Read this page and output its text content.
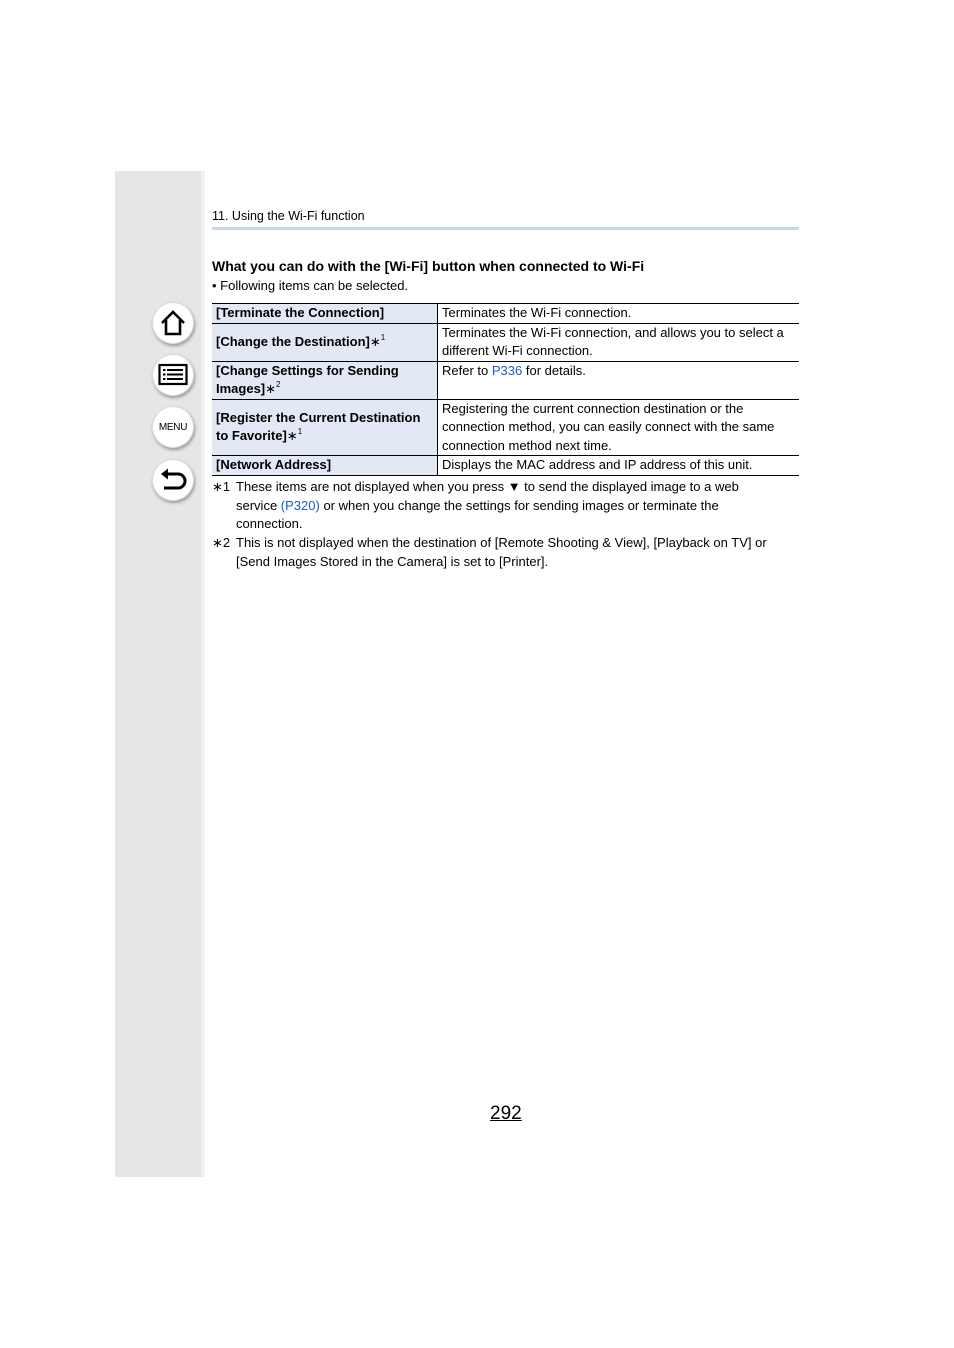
MENU
11. Using the Wi-Fi function
What you can do with the [Wi-Fi] button when connected to Wi-Fi
• Following items can be selected.
[Terminate the Connection]	Terminates the Wi-Fi connection.
[Change the Destination]∗$^1$	Terminates the Wi-Fi connection, and allows you to select a different Wi-Fi connection.
[Change Settings for Sending Images]∗$^2$	Refer to P336 for details.
[Register the Current Destination to Favorite]∗$^1$	Registering the current connection destination or the connection method, you can easily connect with the same connection method next time.
[Network Address]	Displays the MAC address and IP address of this unit.
∗1 These items are not displayed when you press ▼ to send the displayed image to a web
service (P320) or when you change the settings for sending images or terminate the
connection.
∗2 This is not displayed when the destination of [Remote Shooting & View], [Playback on TV] or
[Send Images Stored in the Camera] is set to [Printer].
292
